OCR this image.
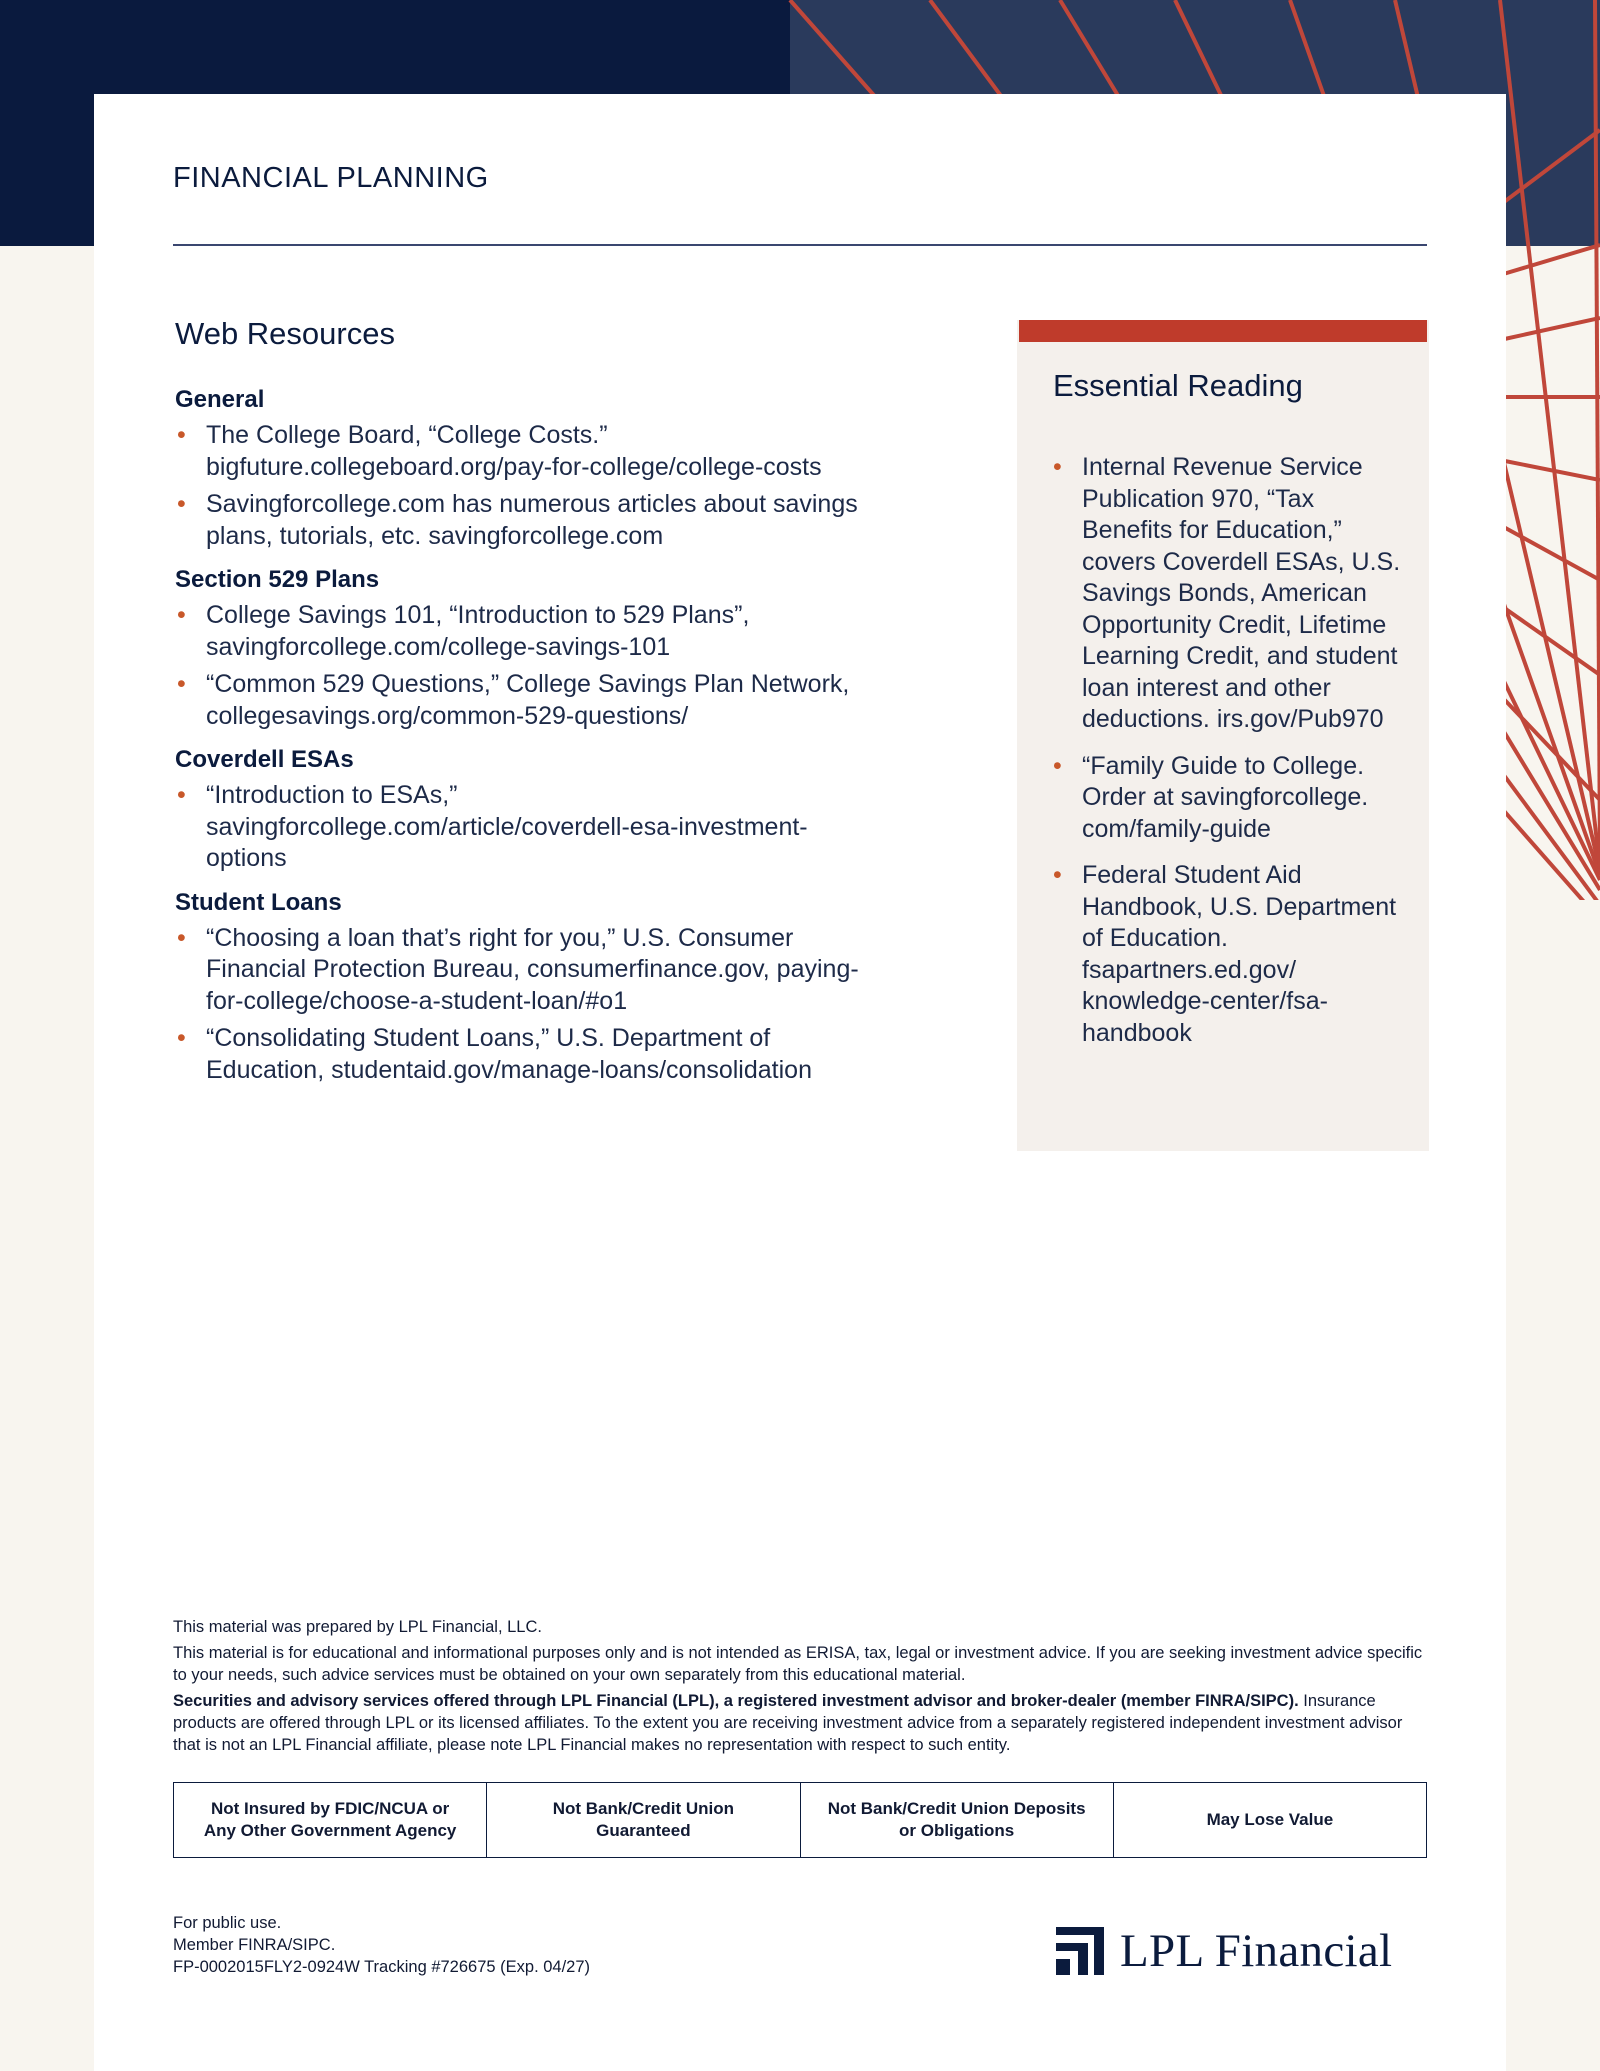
FINANCIAL PLANNING
Web Resources
General
• The College Board, “College Costs.” bigfuture.collegeboard.org/pay-for-college/college-costs
• Savingforcollege.com has numerous articles about savings plans, tutorials, etc. savingforcollege.com
Section 529 Plans
• College Savings 101, “Introduction to 529 Plans”, savingforcollege.com/college-savings-101
• “Common 529 Questions,” College Savings Plan Network, collegesavings.org/common-529-questions/
Coverdell ESAs
• “Introduction to ESAs,” savingforcollege.com/article/coverdell-esa-investment-options
Student Loans
• “Choosing a loan that’s right for you,” U.S. Consumer Financial Protection Bureau, consumerfinance.gov, paying-for-college/choose-a-student-loan/#o1
• “Consolidating Student Loans,” U.S. Department of Education, studentaid.gov/manage-loans/consolidation
Essential Reading
• Internal Revenue Service Publication 970, “Tax Benefits for Education,” covers Coverdell ESAs, U.S. Savings Bonds, American Opportunity Credit, Lifetime Learning Credit, and student loan interest and other deductions. irs.gov/Pub970
• “Family Guide to College. Order at savingforcollege. com/family-guide
• Federal Student Aid Handbook, U.S. Department of Education. fsapartners.ed.gov/ knowledge-center/fsa-handbook

This material was prepared by LPL Financial, LLC.

This material is for educational and informational purposes only and is not intended as ERISA, tax, legal or investment advice. If you are seeking investment advice specific to your needs, such advice services must be obtained on your own separately from this educational material.

Securities and advisory services offered through LPL Financial (LPL), a registered investment advisor and broker-dealer (member FINRA/SIPC). Insurance products are offered through LPL or its licensed affiliates. To the extent you are receiving investment advice from a separately registered independent investment advisor that is not an LPL Financial affiliate, please note LPL Financial makes no representation with respect to such entity.

Not Insured by FDIC/NCUA or
Any Other Government Agency
Not Bank/Credit Union
Guaranteed
Not Bank/Credit Union Deposits
or Obligations
May Lose Value
For public use.
Member FINRA/SIPC.
FP-0002015FLY2-0924W Tracking #726675 (Exp. 04/27)	LPL Financial
